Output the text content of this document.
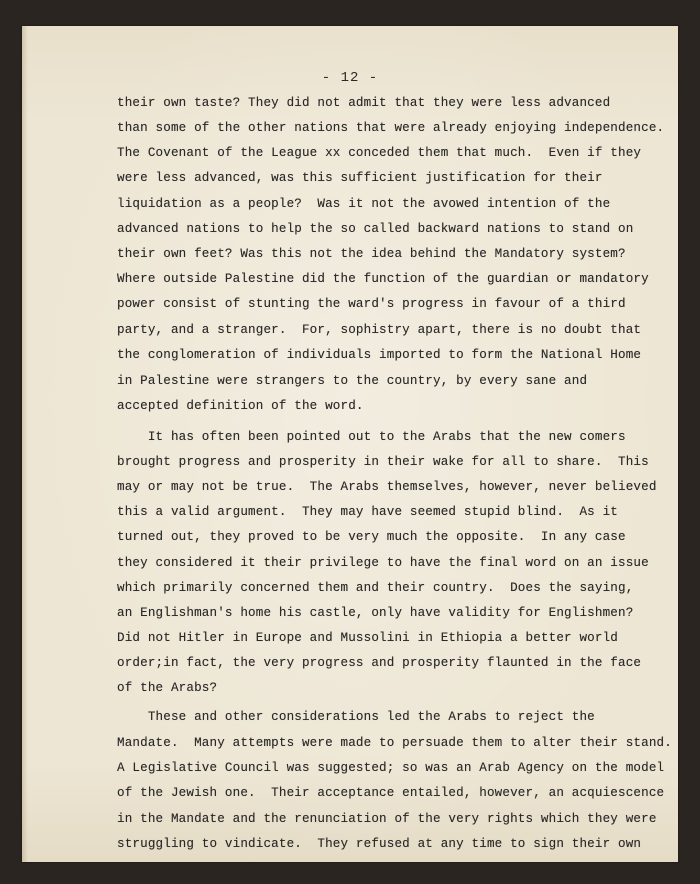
- 12 -
their own taste? They did not admit that they were less advanced
than some of the other nations that were already enjoying independence.
The Covenant of the League xx conceded them that much.  Even if they
were less advanced, was this sufficient justification for their
liquidation as a people?  Was it not the avowed intention of the
advanced nations to help the so called backward nations to stand on
their own feet? Was this not the idea behind the Mandatory system?
Where outside Palestine did the function of the guardian or mandatory
power consist of stunting the ward's progress in favour of a third
party, and a stranger.  For, sophistry apart, there is no doubt that
the conglomeration of individuals imported to form the National Home
in Palestine were strangers to the country, by every sane and
accepted definition of the word.
It has often been pointed out to the Arabs that the new comers
brought progress and prosperity in their wake for all to share.  This
may or may not be true.  The Arabs themselves, however, never believed
this a valid argument.  They may have seemed stupid blind.  As it
turned out, they proved to be very much the opposite.  In any case
they considered it their privilege to have the final word on an issue
which primarily concerned them and their country.  Does the saying,
an Englishman's home his castle, only have validity for Englishmen?
Did not Hitler in Europe and Mussolini in Ethiopia a better world
order;in fact, the very progress and prosperity flaunted in the face
of the Arabs?
These and other considerations led the Arabs to reject the
Mandate.  Many attempts were made to persuade them to alter their stand.
A Legislative Council was suggested; so was an Arab Agency on the model
of the Jewish one.  Their acceptance entailed, however, an acquiescence
in the Mandate and the renunciation of the very rights which they were
struggling to vindicate.  They refused at any time to sign their own
